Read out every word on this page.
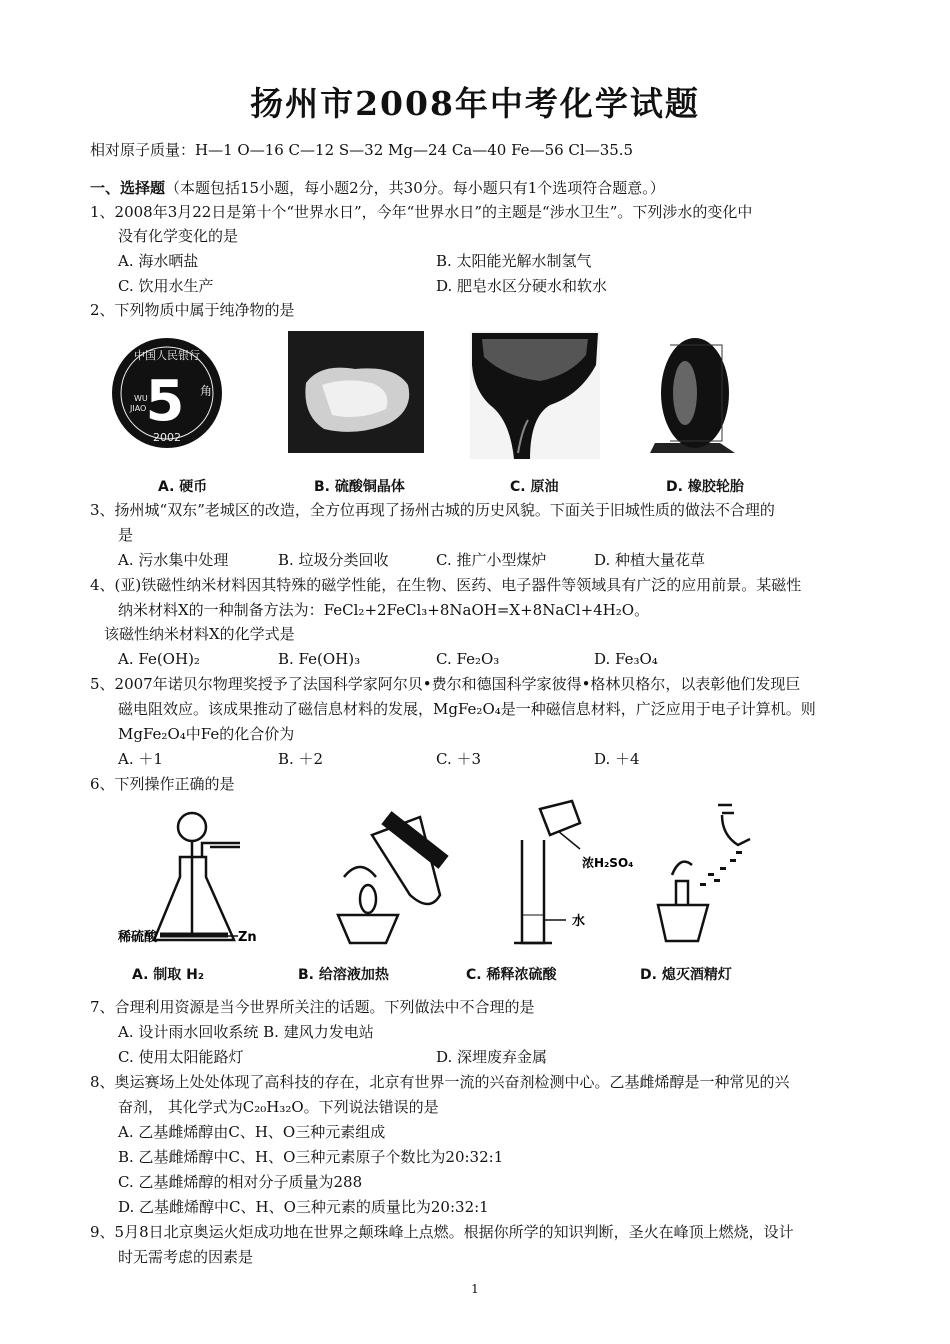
扬州市2008年中考化学试题
相对原子质量：H—1 O—16 C—12 S—32 Mg—24 Ca—40 Fe—56 Cl—35.5
一、选择题（本题包括15小题，每小题2分，共30分。每小题只有1个选项符合题意。）
1、2008年3月22日是第十个“世界水日”，今年“世界水日”的主题是“涉水卫生”。下列涉水的变化中
没有化学变化的是
A. 海水晒盐	B. 太阳能光解水制氢气
C. 饮用水生产	D. 肥皂水区分硬水和软水
2、下列物质中属于纯净物的是
中国人民银行
5 角
WU
JIAO
2002
A. 硬币	B. 硫酸铜晶体	C. 原油	D. 橡胶轮胎
3、扬州城“双东”老城区的改造，全方位再现了扬州古城的历史风貌。下面关于旧城性质的做法不合理的
是
A. 污水集中处理	B. 垃圾分类回收	C. 推广小型煤炉	D. 种植大量花草
4、(亚)铁磁性纳米材料因其特殊的磁学性能，在生物、医药、电子器件等领域具有广泛的应用前景。某磁性
纳米材料X的一种制备方法为：FeCl₂+2FeCl₃+8NaOH=X+8NaCl+4H₂O。
该磁性纳米材料X的化学式是
A. Fe(OH)₂	B. Fe(OH)₃	C. Fe₂O₃	D. Fe₃O₄
5、2007年诺贝尔物理奖授予了法国科学家阿尔贝•费尔和德国科学家彼得•格林贝格尔，以表彰他们发现巨
磁电阻效应。该成果推动了磁信息材料的发展，MgFe₂O₄是一种磁信息材料，广泛应用于电子计算机。则
MgFe₂O₄中Fe的化合价为
A. ＋1	B. ＋2	C. ＋3	D. ＋4
6、下列操作正确的是
稀硫酸	Zn
浓H₂SO₄
水
A. 制取 H₂	B. 给溶液加热	C. 稀释浓硫酸	D. 熄灭酒精灯
7、合理利用资源是当今世界所关注的话题。下列做法中不合理的是
A. 设计雨水回收系统 B. 建风力发电站
C. 使用太阳能路灯	D. 深埋废弃金属
8、奥运赛场上处处体现了高科技的存在，北京有世界一流的兴奋剂检测中心。乙基雌烯醇是一种常见的兴
奋剂， 其化学式为C₂₀H₃₂O。下列说法错误的是
A. 乙基雌烯醇由C、H、O三种元素组成
B. 乙基雌烯醇中C、H、O三种元素原子个数比为20:32:1
C. 乙基雌烯醇的相对分子质量为288
D. 乙基雌烯醇中C、H、O三种元素的质量比为20:32:1
9、5月8日北京奥运火炬成功地在世界之颠珠峰上点燃。根据你所学的知识判断，圣火在峰顶上燃烧，设计
时无需考虑的因素是
1
